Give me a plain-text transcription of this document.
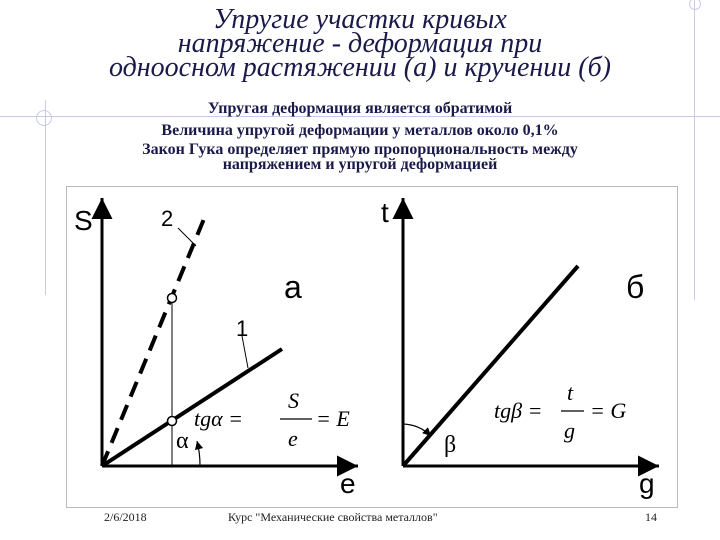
Упругие участки кривых
напряжение - деформация при
одноосном растяжении (а) и кручении (б)
Упругая деформация является обратимой
Величина упругой деформации у металлов около 0,1%
Закон Гука определяет прямую пропорциональность между
напряжением и упругой деформацией
S	2
а
1
e
α
tgα =
S
e
= E
t
б
g
β
tgβ =
t
g
= G
2/6/2018	Курс "Механические свойства металлов"	14
